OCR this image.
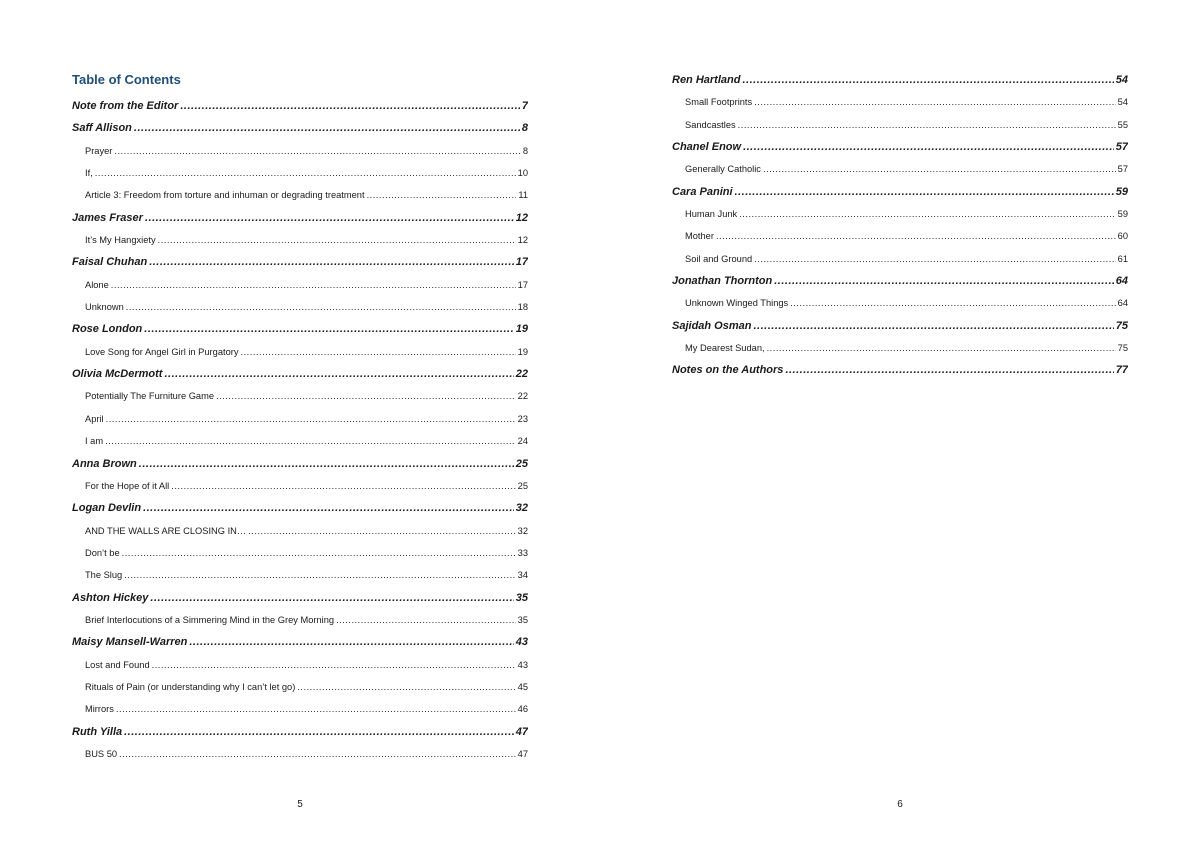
Table of Contents
Note from the Editor .....	7
Saff Allison .....	8
Prayer .....	8
If, .....	10
Article 3: Freedom from torture and inhuman or degrading treatment .....	11
James Fraser .....	12
It’s My Hangxiety .....	12
Faisal Chuhan .....	17
Alone .....	17
Unknown .....	18
Rose London .....	19
Love Song for Angel Girl in Purgatory .....	19
Olivia McDermott .....	22
Potentially The Furniture Game .....	22
April .....	23
I am .....	24
Anna Brown .....	25
For the Hope of it All .....	25
Logan Devlin .....	32
AND THE WALLS ARE CLOSING IN… .....	32
Don’t be .....	33
The Slug .....	34
Ashton Hickey .....	35
Brief Interlocutions of a Simmering Mind in the Grey Morning .....	35
Maisy Mansell-Warren .....	43
Lost and Found .....	43
Rituals of Pain (or understanding why I can’t let go) .....	45
Mirrors .....	46
Ruth Yilla .....	47
BUS 50 .....	47
5
Ren Hartland .....	54
Small Footprints .....	54
Sandcastles .....	55
Chanel Enow .....	57
Generally Catholic .....	57
Cara Panini .....	59
Human Junk .....	59
Mother .....	60
Soil and Ground .....	61
Jonathan Thornton .....	64
Unknown Winged Things .....	64
Sajidah Osman .....	75
My Dearest Sudan, .....	75
Notes on the Authors .....	77
6
